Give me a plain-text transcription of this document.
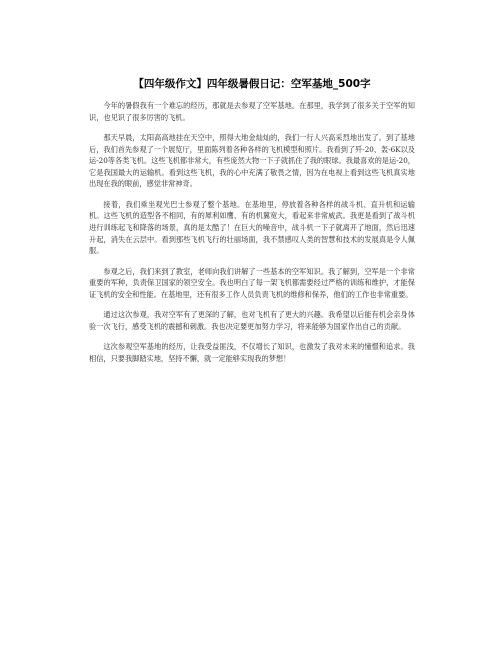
【四年级作文】四年级暑假日记：空军基地_500字

今年的暑假我有一个难忘的经历，那就是去参观了空军基地。在那里，我学到了很多关于空军的知识，也见识了很多厉害的飞机。

那天早晨，太阳高高地挂在天空中，照得大地金灿灿的，我们一行人兴高采烈地出发了。到了基地后，我们首先参观了一个展览厅，里面陈列着各种各样的飞机模型和照片。我看到了歼-20、轰-6K以及运-20等各类飞机。这些飞机都非常大，有些庞然大物一下子就抓住了我的眼球。我最喜欢的是运-20，它是我国最大的运输机。看到这些飞机，我的心中充满了敬畏之情，因为在电视上看到这些飞机真实地出现在我的眼前，感觉非常神奇。

接着，我们乘坐观光巴士参观了整个基地。在基地里，停放着各种各样的战斗机、直升机和运输机。这些飞机的造型各不相同，有的犀利如鹰、有的机翼宽大，看起来非常威武。我更是看到了战斗机进行训练起飞和降落的场景，真的是太酷了！在巨大的噪音中，战斗机一下子就离开了地面，然后迅速升起，消失在云层中。看到那些飞机飞行的壮丽场面，我不禁感叹人类的智慧和技术的发展真是令人佩服。

参观之后，我们来到了教室，老师向我们讲解了一些基本的空军知识。我了解到，空军是一个非常重要的军种，负责保卫国家的领空安全。我也明白了每一架飞机都需要经过严格的训练和维护，才能保证飞机的安全和性能。在基地里，还有很多工作人员负责飞机的维修和保养，他们的工作也非常重要。

通过这次参观，我对空军有了更深的了解，也对飞机有了更大的兴趣。我希望以后能有机会亲身体验一次飞行，感受飞机的震撼和刺激。我也决定要更加努力学习，将来能够为国家作出自己的贡献。

这次参观空军基地的经历，让我受益匪浅，不仅增长了知识，也激发了我对未来的憧憬和追求。我相信，只要我脚踏实地，坚持不懈，就一定能够实现我的梦想！
